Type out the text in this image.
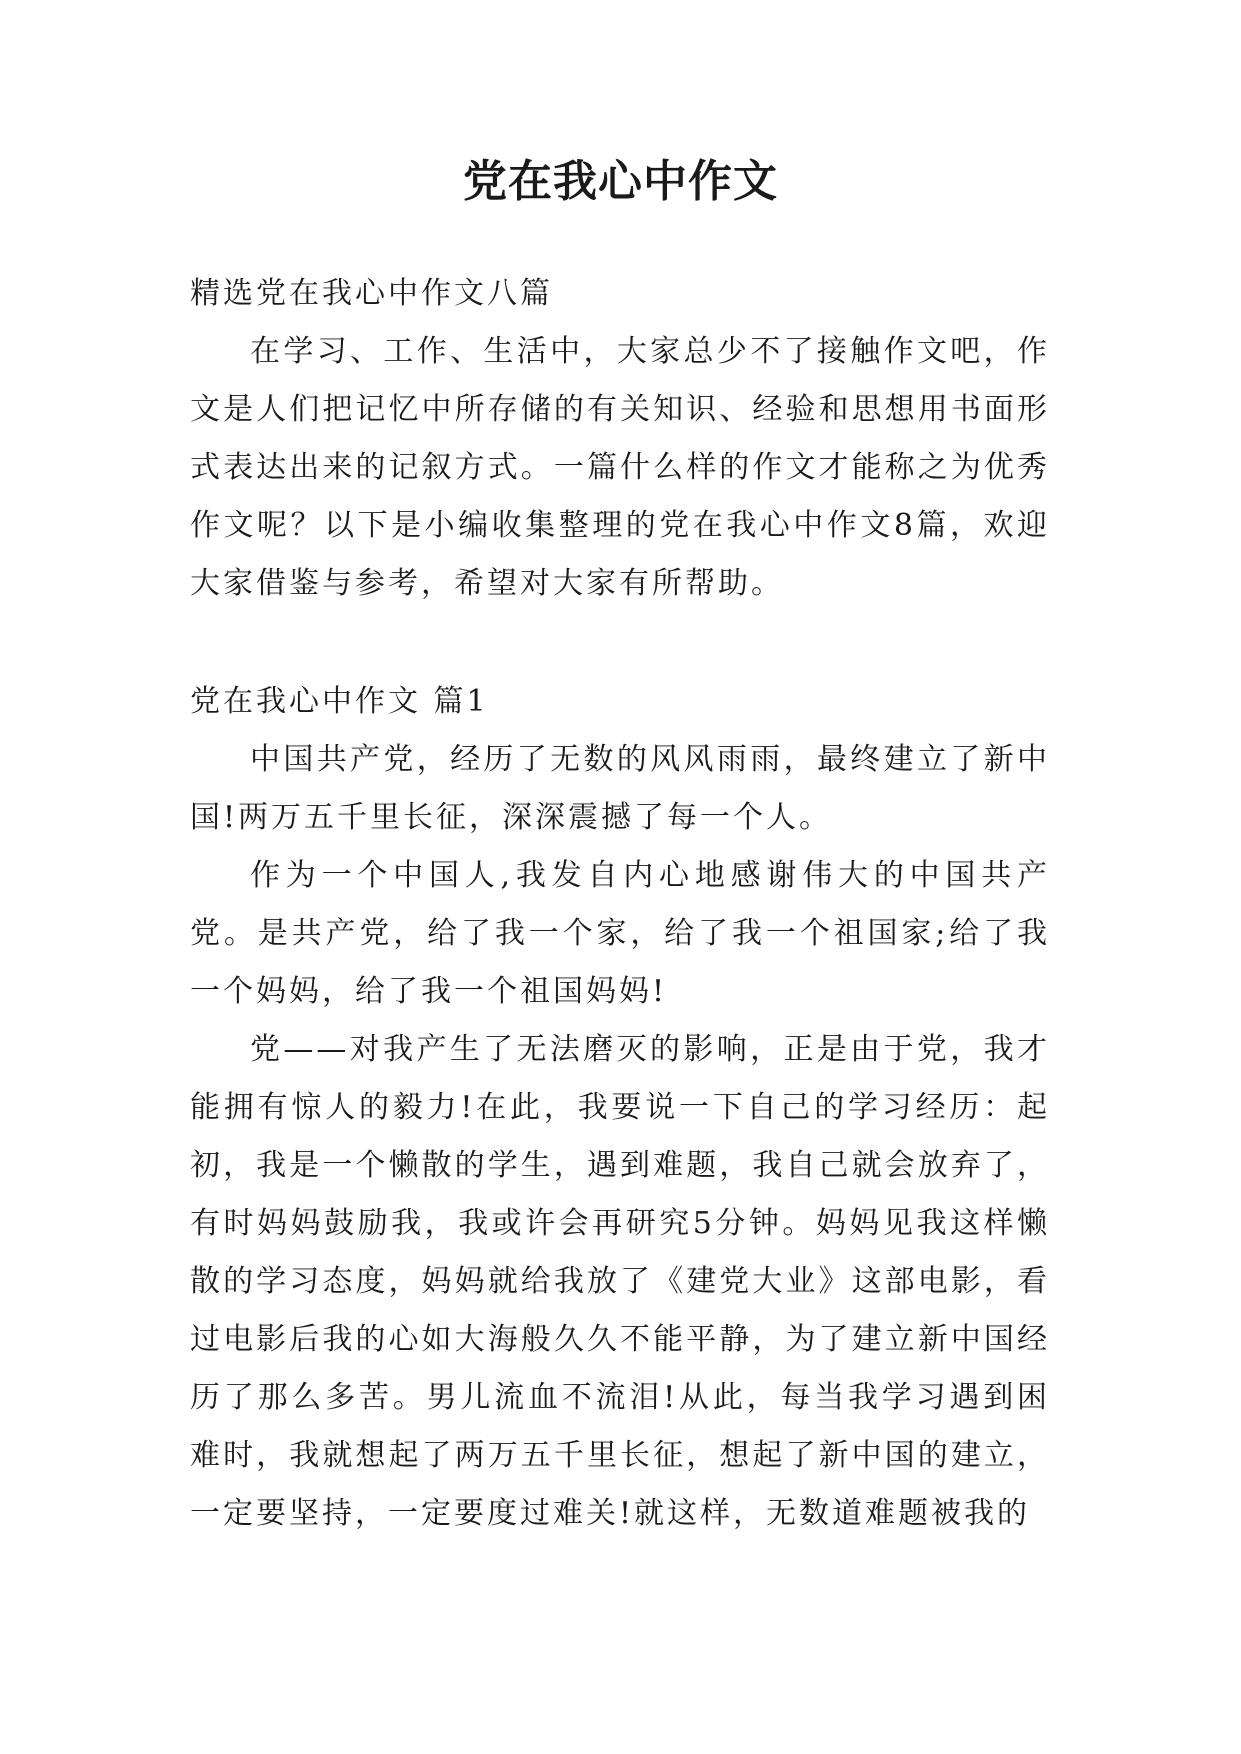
党在我心中作文

精选党在我心中作文八篇

在学习、工作、生活中，大家总少不了接触作文吧，作文是人们把记忆中所存储的有关知识、经验和思想用书面形式表达出来的记叙方式。一篇什么样的作文才能称之为优秀作文呢？以下是小编收集整理的党在我心中作文8篇，欢迎大家借鉴与参考，希望对大家有所帮助。

党在我心中作文 篇1

中国共产党，经历了无数的风风雨雨，最终建立了新中国!两万五千里长征，深深震撼了每一个人。

作为一个中国人,我发自内心地感谢伟大的中国共产党。是共产党，给了我一个家，给了我一个祖国家;给了我一个妈妈，给了我一个祖国妈妈!

党——对我产生了无法磨灭的影响，正是由于党，我才能拥有惊人的毅力!在此，我要说一下自己的学习经历：起初，我是一个懒散的学生，遇到难题，我自己就会放弃了，有时妈妈鼓励我，我或许会再研究5分钟。妈妈见我这样懒散的学习态度，妈妈就给我放了《建党大业》这部电影，看过电影后我的心如大海般久久不能平静，为了建立新中国经历了那么多苦。男儿流血不流泪!从此，每当我学习遇到困难时，我就想起了两万五千里长征，想起了新中国的建立，一定要坚持，一定要度过难关!就这样，无数道难题被我的
